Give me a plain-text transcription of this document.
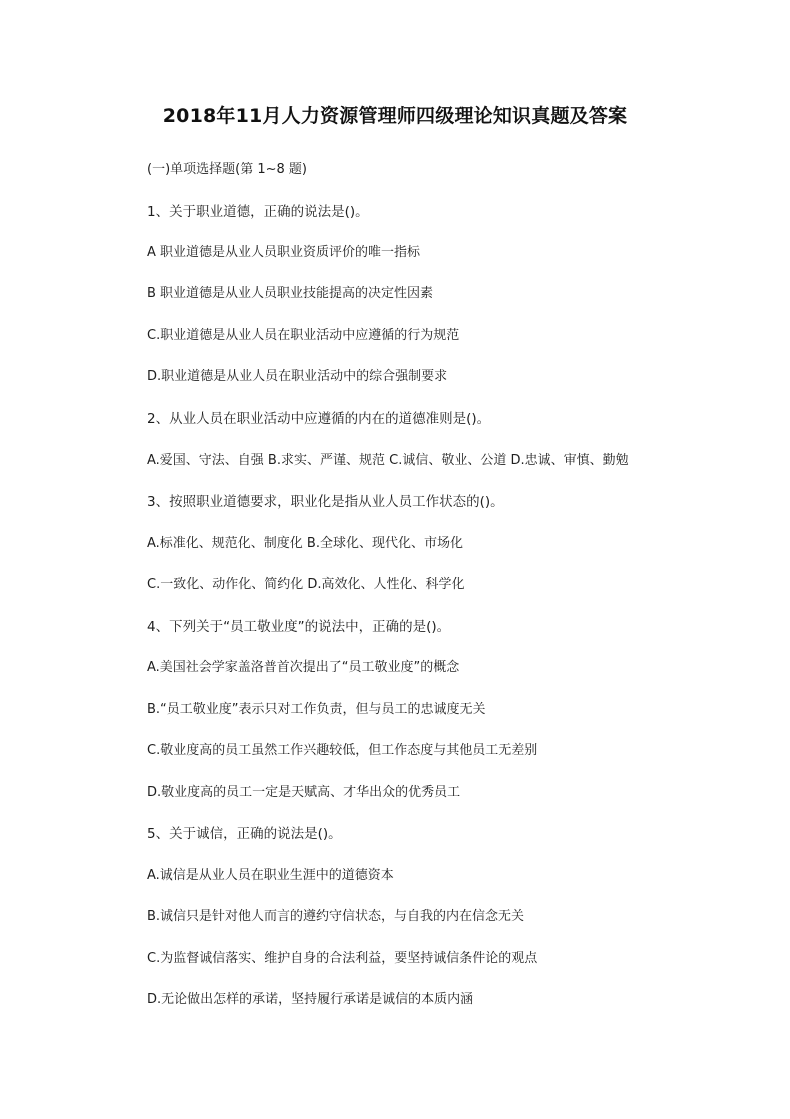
2018年11月人力资源管理师四级理论知识真题及答案
(一)单项选择题(第 1~8 题)
1、关于职业道德，正确的说法是()。
A 职业道德是从业人员职业资质评价的唯一指标
B 职业道德是从业人员职业技能提高的决定性因素
C.职业道德是从业人员在职业活动中应遵循的行为规范
D.职业道德是从业人员在职业活动中的综合强制要求
2、从业人员在职业活动中应遵循的内在的道德准则是()。
A.爱国、守法、自强 B.求实、严谨、规范 C.诚信、敬业、公道 D.忠诚、审慎、勤勉
3、按照职业道德要求，职业化是指从业人员工作状态的()。
A.标准化、规范化、制度化 B.全球化、现代化、市场化
C.一致化、动作化、简约化 D.高效化、人性化、科学化
4、下列关于“员工敬业度”的说法中，正确的是()。
A.美国社会学家盖洛普首次提出了“员工敬业度”的概念
B.“员工敬业度”表示只对工作负责，但与员工的忠诚度无关
C.敬业度高的员工虽然工作兴趣较低，但工作态度与其他员工无差别
D.敬业度高的员工一定是天赋高、才华出众的优秀员工
5、关于诚信，正确的说法是()。
A.诚信是从业人员在职业生涯中的道德资本
B.诚信只是针对他人而言的遵约守信状态，与自我的内在信念无关
C.为监督诚信落实、维护自身的合法利益，要坚持诚信条件论的观点
D.无论做出怎样的承诺，坚持履行承诺是诚信的本质内涵
